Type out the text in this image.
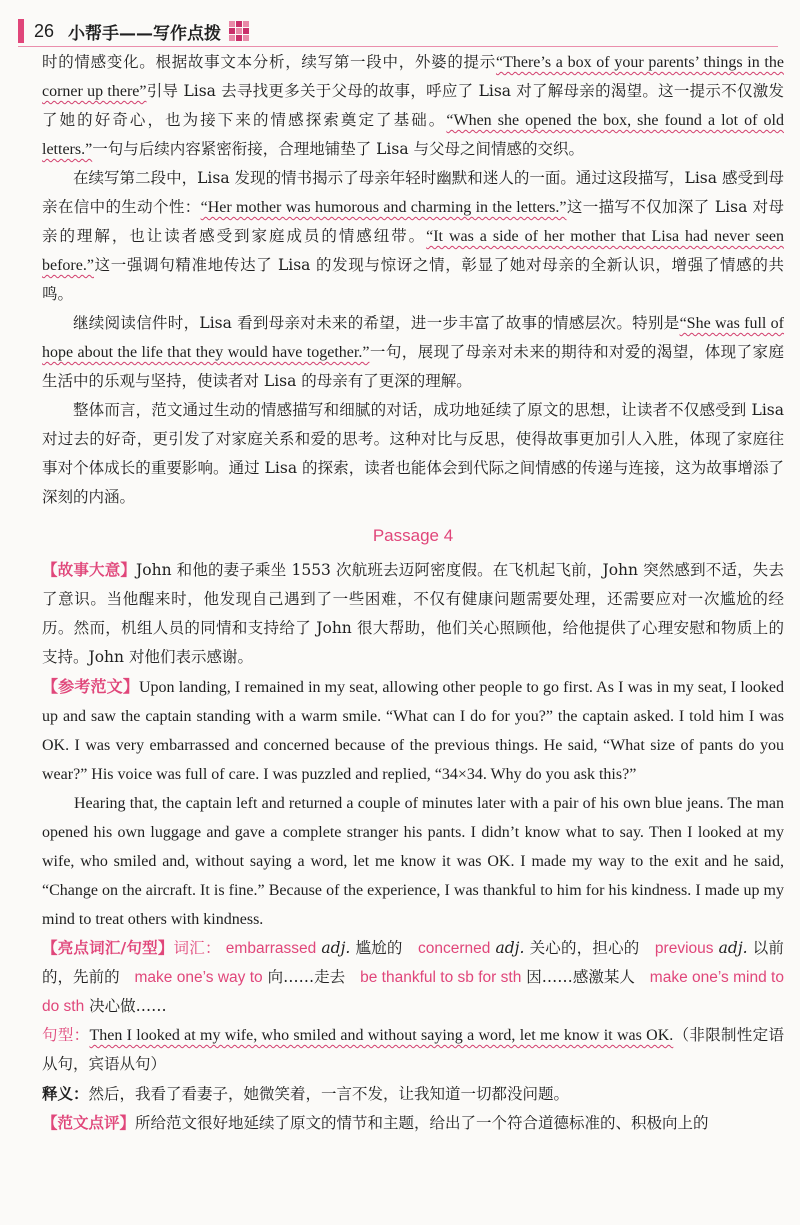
26 小帮手——写作点拨

时的情感变化。根据故事文本分析，续写第一段中，外婆的提示“There’s a box of your parents’ things in the corner up there”引导 Lisa 去寻找更多关于父母的故事，呼应了 Lisa 对了解母亲的渴望。这一提示不仅激发了她的好奇心，也为接下来的情感探索奠定了基础。“When she opened the box, she found a lot of old letters.”一句与后续内容紧密衔接，合理地铺垫了 Lisa 与父母之间情感的交织。

在续写第二段中，Lisa 发现的情书揭示了母亲年轻时幽默和迷人的一面。通过这段描写，Lisa 感受到母亲在信中的生动个性：“Her mother was humorous and charming in the letters.”这一描写不仅加深了 Lisa 对母亲的理解，也让读者感受到家庭成员的情感纽带。“It was a side of her mother that Lisa had never seen before.”这一强调句精准地传达了 Lisa 的发现与惊讶之情，彰显了她对母亲的全新认识，增强了情感的共鸣。

继续阅读信件时，Lisa 看到母亲对未来的希望，进一步丰富了故事的情感层次。特别是“She was full of hope about the life that they would have together.”一句，展现了母亲对未来的期待和对爱的渴望，体现了家庭生活中的乐观与坚持，使读者对 Lisa 的母亲有了更深的理解。

整体而言，范文通过生动的情感描写和细腻的对话，成功地延续了原文的思想，让读者不仅感受到 Lisa 对过去的好奇，更引发了对家庭关系和爱的思考。这种对比与反思，使得故事更加引人入胜，体现了家庭往事对个体成长的重要影响。通过 Lisa 的探索，读者也能体会到代际之间情感的传递与连接，这为故事增添了深刻的内涵。

Passage 4

【故事大意】John 和他的妻子乘坐 1553 次航班去迈阿密度假。在飞机起飞前，John 突然感到不适，失去了意识。当他醒来时，他发现自己遇到了一些困难，不仅有健康问题需要处理，还需要应对一次尴尬的经历。然而，机组人员的同情和支持给了 John 很大帮助，他们关心照顾他，给他提供了心理安慰和物质上的支持。John 对他们表示感谢。

【参考范文】Upon landing, I remained in my seat, allowing other people to go first. As I was in my seat, I looked up and saw the captain standing with a warm smile. “What can I do for you?” the captain asked. I told him I was OK. I was very embarrassed and concerned because of the previous things. He said, “What size of pants do you wear?” His voice was full of care. I was puzzled and replied, “34×34. Why do you ask this?”

Hearing that, the captain left and returned a couple of minutes later with a pair of his own blue jeans. The man opened his own luggage and gave a complete stranger his pants. I didn’t know what to say. Then I looked at my wife, who smiled and, without saying a word, let me know it was OK. I made my way to the exit and he said, “Change on the aircraft. It is fine.” Because of the experience, I was thankful to him for his kindness. I made up my mind to treat others with kindness.

【亮点词汇/句型】词汇： embarrassed adj. 尴尬的 concerned adj. 关心的，担心的 previous adj. 以前的，先前的 make one’s way to 向……走去 be thankful to sb for sth 因……感激某人 make one’s mind to do sth 决心做……

句型：Then I looked at my wife, who smiled and without saying a word, let me know it was OK.（非限制性定语从句，宾语从句）

释义：然后，我看了看妻子，她微笑着，一言不发，让我知道一切都没问题。

【范文点评】所给范文很好地延续了原文的情节和主题，给出了一个符合道德标准的、积极向上的
